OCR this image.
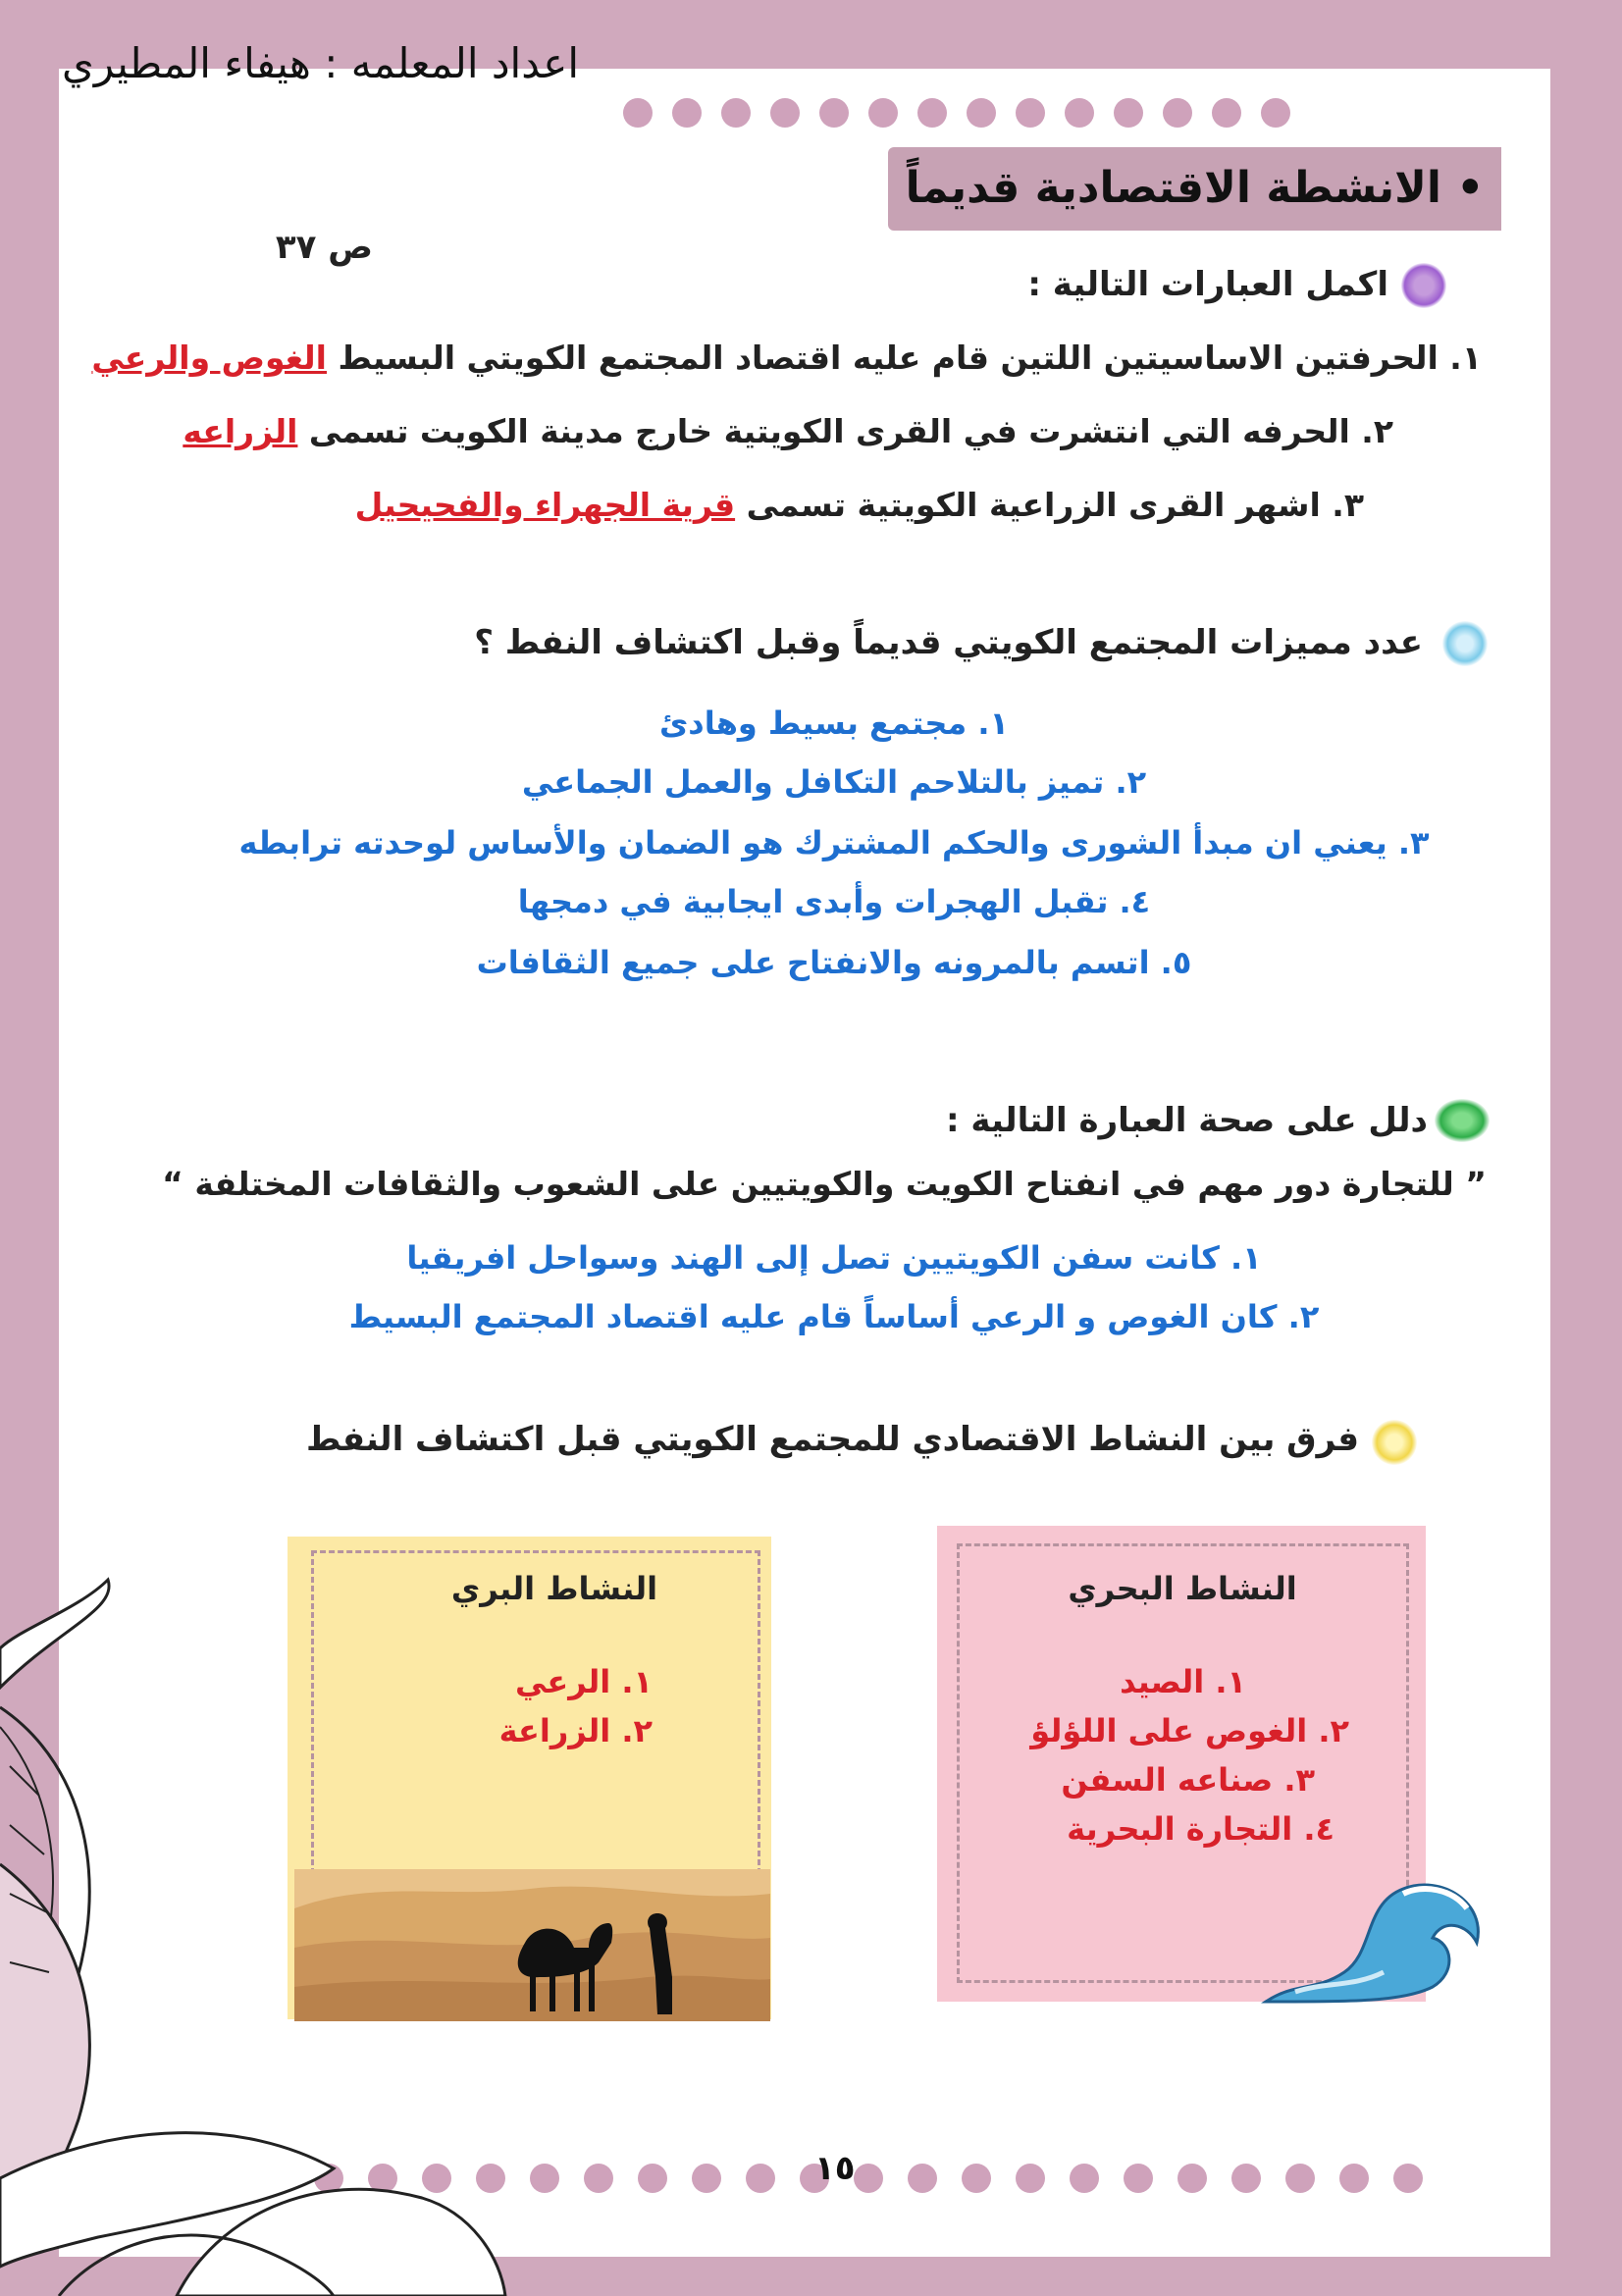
اعداد المعلمه : هيفاء المطيري
• الانشطة الاقتصادية قديماً
ص ٣٧
اكمل العبارات التالية :
١. الحرفتين الاساسيتين اللتين قام عليه اقتصاد المجتمع الكويتي البسيط الغوص والرعي
٢. الحرفه التي انتشرت في القرى الكويتية خارج مدينة الكويت تسمى الزراعه
٣. اشهر القرى الزراعية الكويتية تسمى قرية الجهراء والفحيحيل
عدد مميزات المجتمع الكويتي قديماً وقبل اكتشاف النفط ؟
١. مجتمع بسيط وهادئ
٢. تميز بالتلاحم التكافل والعمل الجماعي
٣. يعني ان مبدأ الشورى والحكم المشترك هو الضمان والأساس لوحدته ترابطه
٤. تقبل الهجرات وأبدى ايجابية في دمجها
٥. اتسم بالمرونه والانفتاح على جميع الثقافات
دلل على صحة العبارة التالية :
” للتجارة دور مهم في انفتاح الكويت والكويتيين على الشعوب والثقافات المختلفة “
١. كانت سفن الكويتيين تصل إلى الهند وسواحل افريقيا
٢. كان الغوص و الرعي أساساً قام عليه اقتصاد المجتمع البسيط
فرق بين النشاط الاقتصادي للمجتمع الكويتي قبل اكتشاف النفط
النشاط البحري
١. الصيد
٢. الغوص على اللؤلؤ
٣. صناعه السفن
٤. التجارة البحرية
النشاط البري
١. الرعي
٢. الزراعة
١٥
